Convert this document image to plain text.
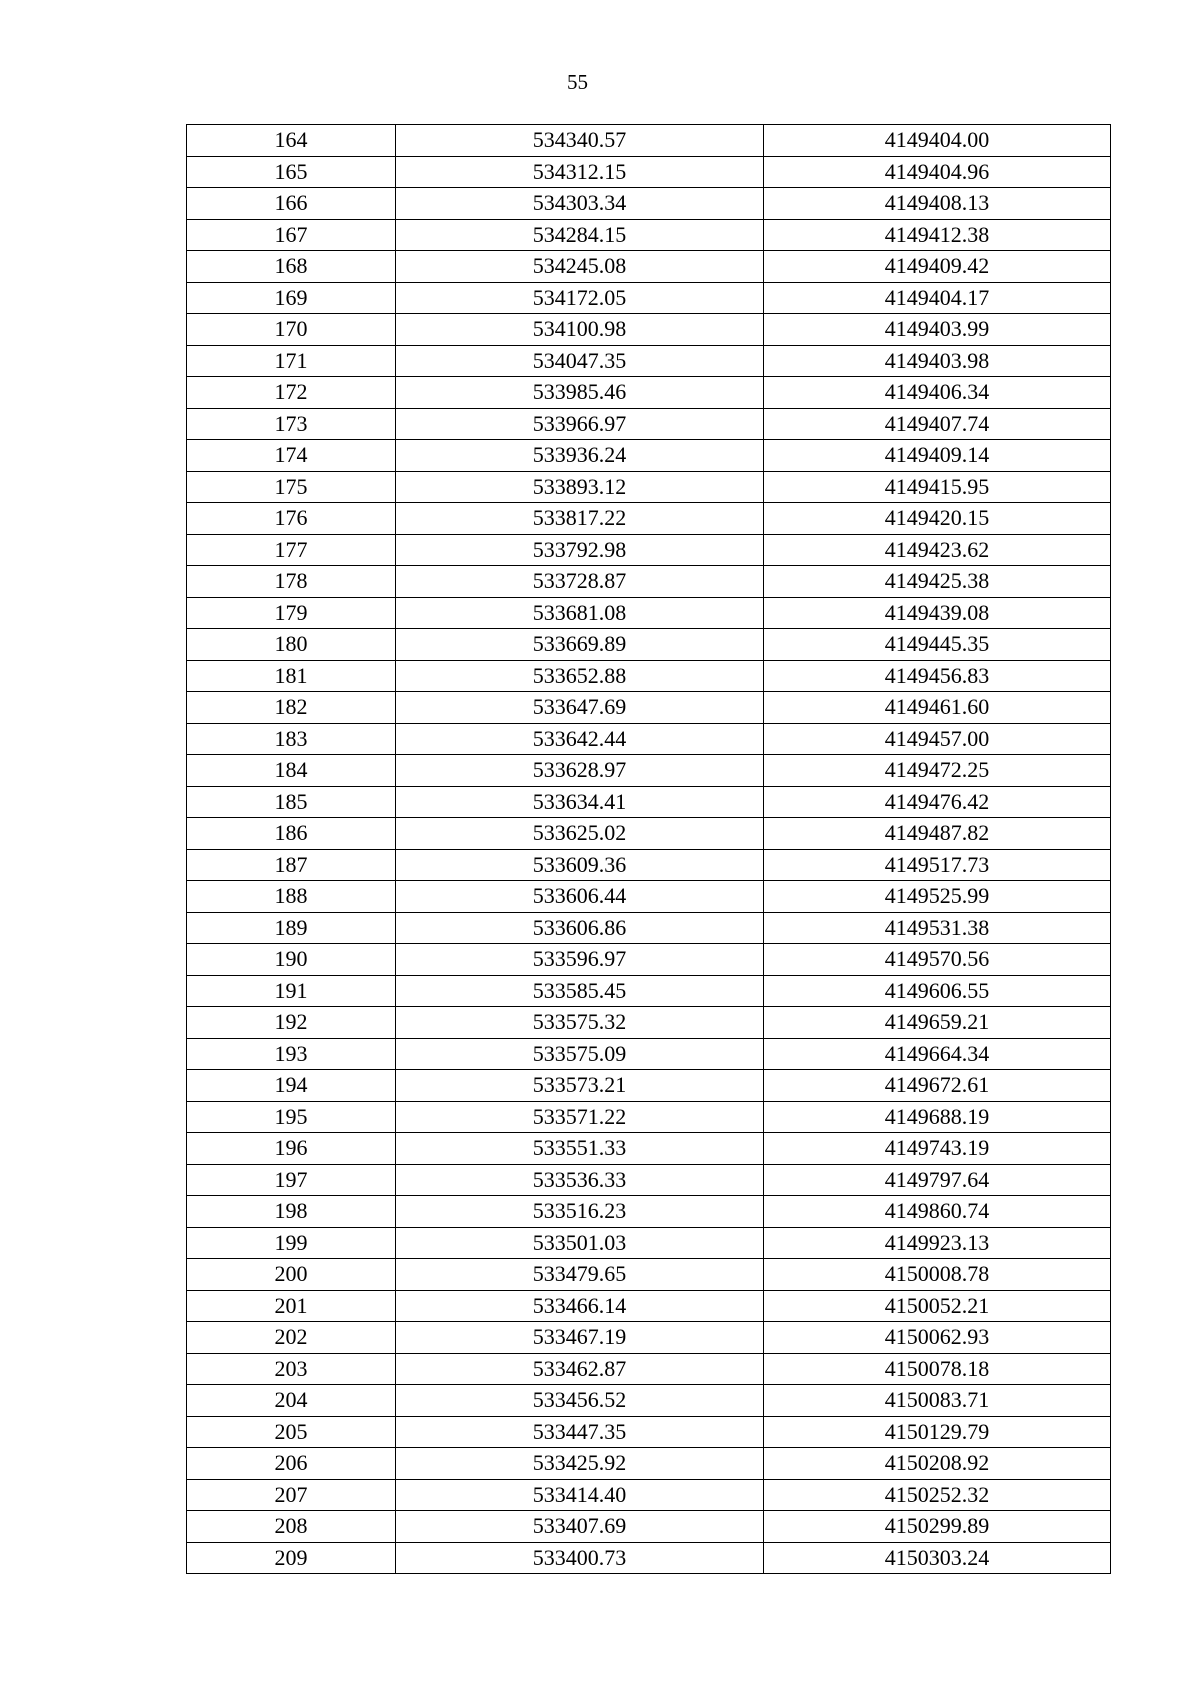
55
164	534340.57	4149404.00
165	534312.15	4149404.96
166	534303.34	4149408.13
167	534284.15	4149412.38
168	534245.08	4149409.42
169	534172.05	4149404.17
170	534100.98	4149403.99
171	534047.35	4149403.98
172	533985.46	4149406.34
173	533966.97	4149407.74
174	533936.24	4149409.14
175	533893.12	4149415.95
176	533817.22	4149420.15
177	533792.98	4149423.62
178	533728.87	4149425.38
179	533681.08	4149439.08
180	533669.89	4149445.35
181	533652.88	4149456.83
182	533647.69	4149461.60
183	533642.44	4149457.00
184	533628.97	4149472.25
185	533634.41	4149476.42
186	533625.02	4149487.82
187	533609.36	4149517.73
188	533606.44	4149525.99
189	533606.86	4149531.38
190	533596.97	4149570.56
191	533585.45	4149606.55
192	533575.32	4149659.21
193	533575.09	4149664.34
194	533573.21	4149672.61
195	533571.22	4149688.19
196	533551.33	4149743.19
197	533536.33	4149797.64
198	533516.23	4149860.74
199	533501.03	4149923.13
200	533479.65	4150008.78
201	533466.14	4150052.21
202	533467.19	4150062.93
203	533462.87	4150078.18
204	533456.52	4150083.71
205	533447.35	4150129.79
206	533425.92	4150208.92
207	533414.40	4150252.32
208	533407.69	4150299.89
209	533400.73	4150303.24
